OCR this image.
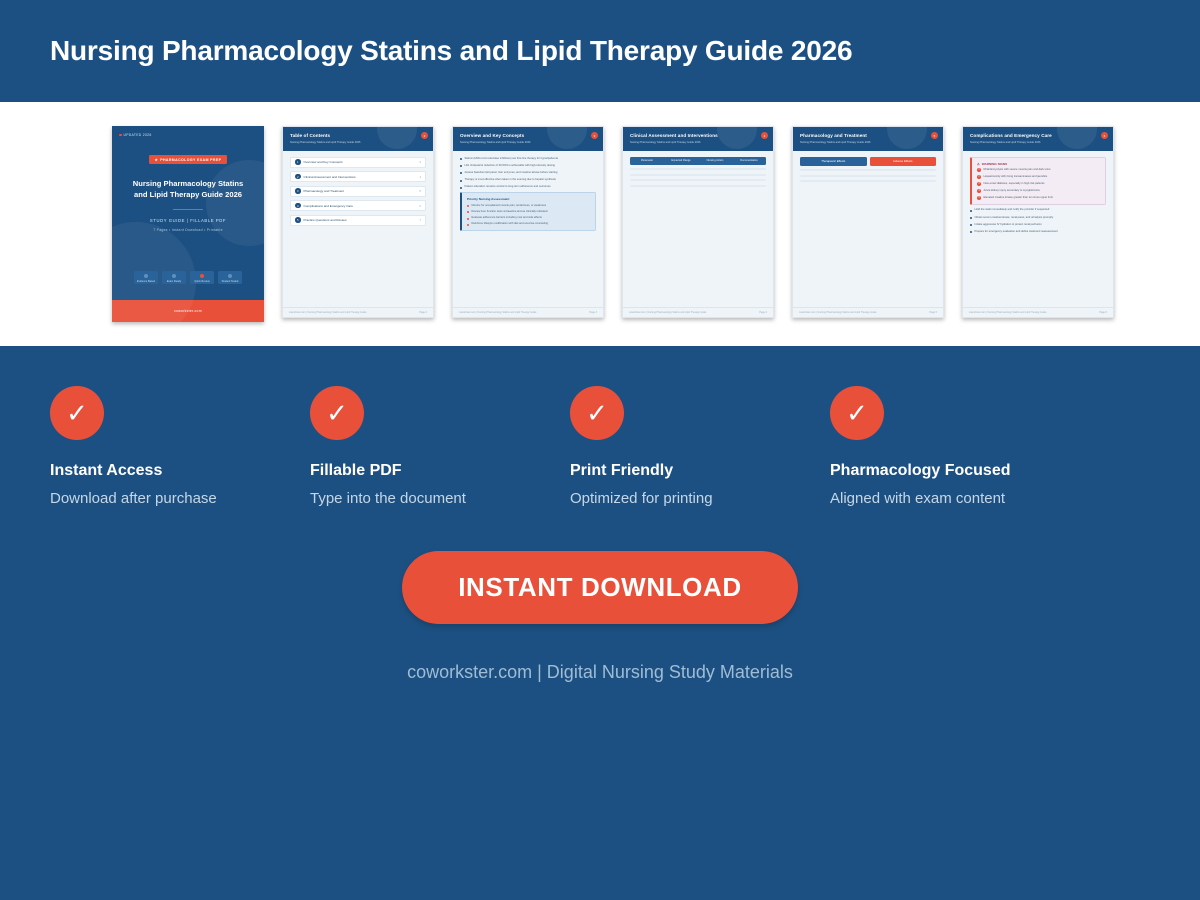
Nursing Pharmacology Statins and Lipid Therapy Guide 2026
UPDATED 2026
★ PHARMACOLOGY EXAM PREP
Nursing Pharmacology Statins and Lipid Therapy Guide 2026
STUDY GUIDE | FILLABLE PDF
7 Pages • Instant Download • Printable
Evidence Based	Exam Ready	Quick Review	Student Tested
coworkster.com
Table of Contents
Nursing Pharmacology Statins and Lipid Therapy Guide 2026
2
1	Overview and Key Concepts	3
2	Clinical Assessment and Interventions	4
3	Pharmacology and Treatment	5
4	Complications and Emergency Care	6
5	Practice Questions and Review	7
coworkster.com | Nursing Pharmacology Statins and Lipid Therapy Guide	Page 2
Overview and Key Concepts
Nursing Pharmacology Statins and Lipid Therapy Guide 2026
3
Statins (HMG-CoA reductase inhibitors) are first-line therapy for hyperlipidemia
LDL cholesterol reduction of 30-50% is achievable with high-intensity dosing
Assess baseline lipid panel, liver enzymes, and creatine kinase before starting
Therapy is most effective when taken in the evening due to hepatic synthesis
Patient education remains central to long-term adherence and outcomes
Priority Nursing Assessment
Monitor for unexplained muscle pain, tenderness, or weakness
Review liver function tests at baseline and as clinically indicated
Evaluate adherence barriers including cost and side effects
Reinforce lifestyle modification with diet and exercise counseling
coworkster.com | Nursing Pharmacology Statins and Lipid Therapy Guide	Page 3
Clinical Assessment and Interventions
Nursing Pharmacology Statins and Lipid Therapy Guide 2026
4
Parameter	Expected Range	Nursing Action	Documentation
coworkster.com | Nursing Pharmacology Statins and Lipid Therapy Guide	Page 4
Pharmacology and Treatment
Nursing Pharmacology Statins and Lipid Therapy Guide 2026
5
Therapeutic Effects	Adverse Effects
coworkster.com | Nursing Pharmacology Statins and Lipid Therapy Guide	Page 5
Complications and Emergency Care
Nursing Pharmacology Statins and Lipid Therapy Guide 2026
6
⚠ WARNING SIGNS
1	Rhabdomyolysis with severe muscle pain and dark urine
2	Hepatotoxicity with rising transaminases and jaundice
3	New-onset diabetes, especially in high-risk patients
4	Acute kidney injury secondary to myoglobinuria
5	Elevated creatine kinase greater than ten times upper limit
Hold the statin immediately and notify the provider if suspected
Obtain serum creatine kinase, renal panel, and urinalysis promptly
Initiate aggressive IV hydration to protect renal perfusion
Prepare for emergency evaluation and define treatment reassessment
coworkster.com | Nursing Pharmacology Statins and Lipid Therapy Guide	Page 6
✓
Instant Access

Download after purchase

✓
Fillable PDF

Type into the document

✓
Print Friendly

Optimized for printing

✓
Pharmacology Focused

Aligned with exam content

INSTANT DOWNLOAD
coworkster.com | Digital Nursing Study Materials
